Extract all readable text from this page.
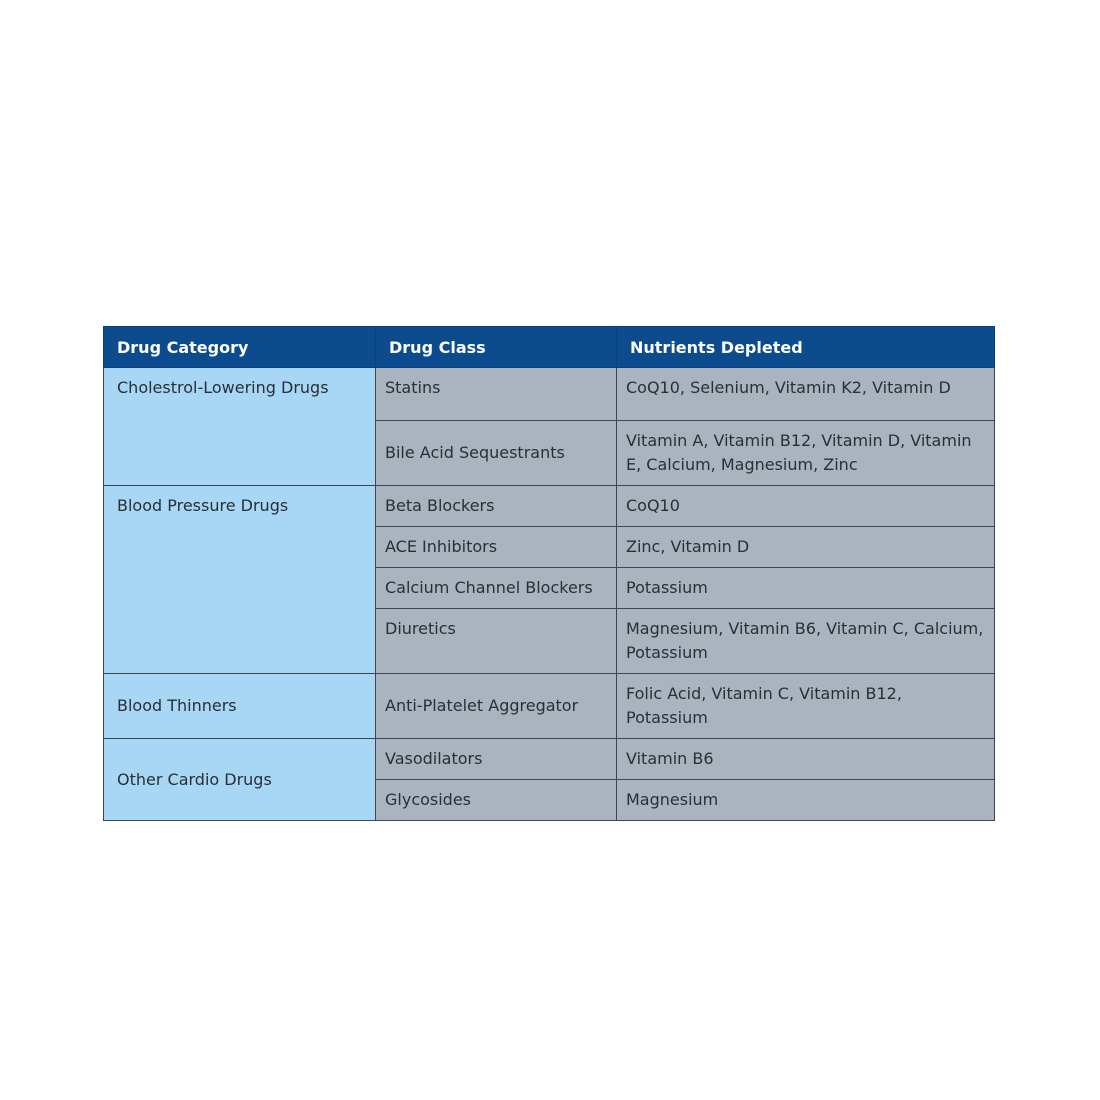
Drug Category	Drug Class	Nutrients Depleted
Cholestrol-Lowering Drugs	Statins	CoQ10, Selenium, Vitamin K2, Vitamin D
	Bile Acid Sequestrants	Vitamin A, Vitamin B12, Vitamin D, Vitamin E, Calcium, Magnesium, Zinc
Blood Pressure Drugs	Beta Blockers	CoQ10
	ACE Inhibitors	Zinc, Vitamin D
	Calcium Channel Blockers	Potassium
	Diuretics	Magnesium, Vitamin B6, Vitamin C, Calcium, Potassium
Blood Thinners	Anti-Platelet Aggregator	Folic Acid, Vitamin C, Vitamin B12, Potassium
Other Cardio Drugs	Vasodilators	Vitamin B6
	Glycosides	Magnesium
